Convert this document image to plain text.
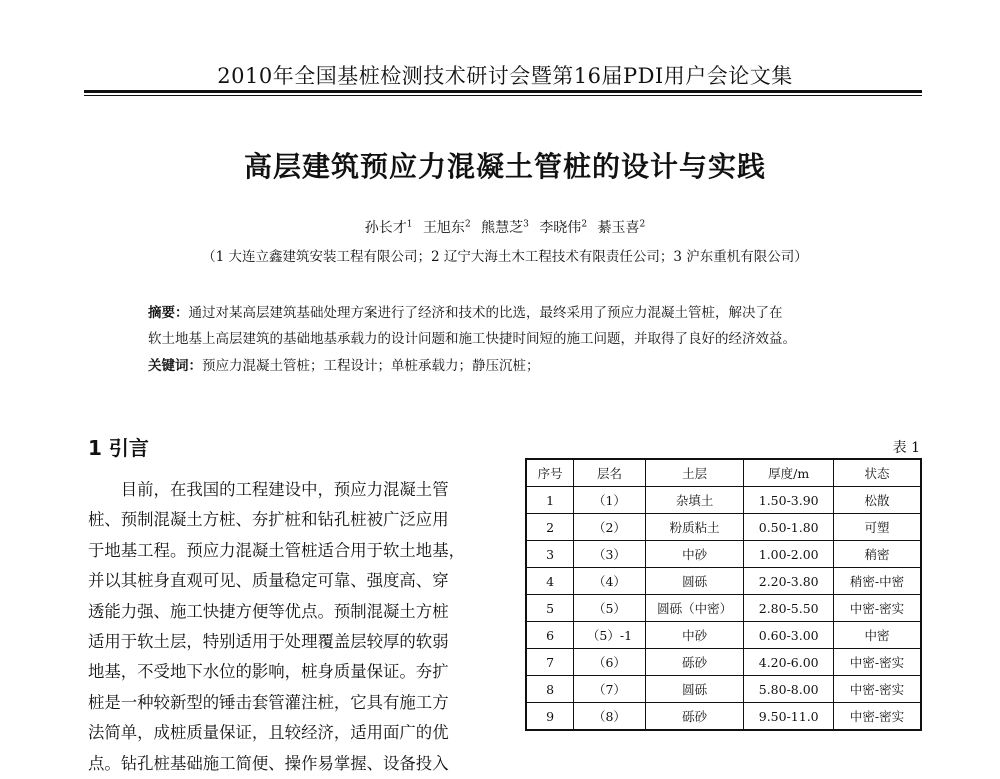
2010年全国基桩检测技术研讨会暨第16届PDI用户会论文集
高层建筑预应力混凝土管桩的设计与实践
孙长才$^1$ 王旭东$^2$ 熊慧芝$^3$ 李晓伟$^2$ 綦玉喜$^2$
（1 大连立鑫建筑安装工程有限公司；2 辽宁大海土木工程技术有限责任公司；3 沪东重机有限公司）
摘要：通过对某高层建筑基础处理方案进行了经济和技术的比选，最终采用了预应力混凝土管桩，解决了在
软土地基上高层建筑的基础地基承载力的设计问题和施工快捷时间短的施工问题，并取得了良好的经济效益。
关键词：预应力混凝土管桩；工程设计；单桩承载力；静压沉桩；
1 引言
　　目前，在我国的工程建设中，预应力混凝土管
桩、预制混凝土方桩、夯扩桩和钻孔桩被广泛应用
于地基工程。预应力混凝土管桩适合用于软土地基，
并以其桩身直观可见、质量稳定可靠、强度高、穿
透能力强、施工快捷方便等优点。预制混凝土方桩
适用于软土层，特别适用于处理覆盖层较厚的软弱
地基，不受地下水位的影响，桩身质量保证。夯扩
桩是一种较新型的锤击套管灌注桩，它具有施工方
法简单，成桩质量保证，且较经济，适用面广的优
点。钻孔桩基础施工简便、操作易掌握、设备投入
表 1
序号	层名	土层	厚度/m	状态
1	（1）	杂填土	1.50-3.90	松散
2	（2）	粉质粘土	0.50-1.80	可塑
3	（3）	中砂	1.00-2.00	稍密
4	（4）	圆砾	2.20-3.80	稍密-中密
5	（5）	圆砾（中密）	2.80-5.50	中密-密实
6	（5）-1	中砂	0.60-3.00	中密
7	（6）	砾砂	4.20-6.00	中密-密实
8	（7）	圆砾	5.80-8.00	中密-密实
9	（8）	砾砂	9.50-11.0	中密-密实
